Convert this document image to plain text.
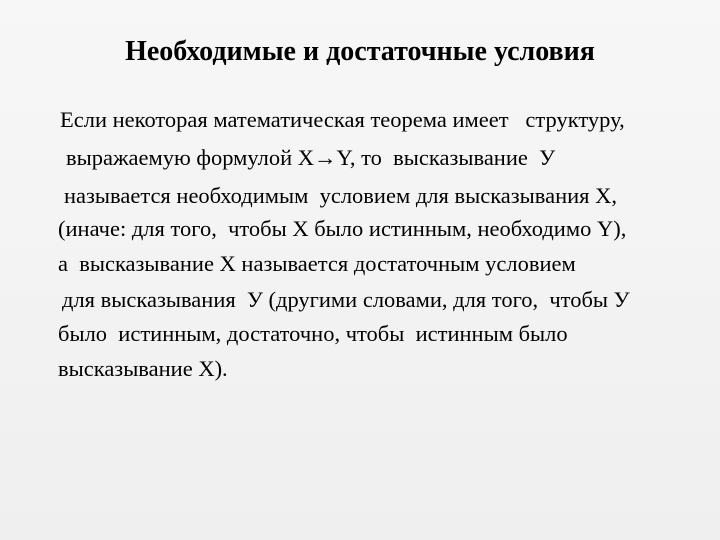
Необходимые и достаточные условия
Если некоторая математическая теорема имеет   структуру,
выражаемую формулой X→Y, то  высказывание  У
называется необходимым  условием для высказывания X,
(иначе: для того,  чтобы X было истинным, необходимо Y),
а  высказывание X называется достаточным условием
для высказывания  У (другими словами, для того,  чтобы У
было  истинным, достаточно, чтобы  истинным было
высказывание X).
